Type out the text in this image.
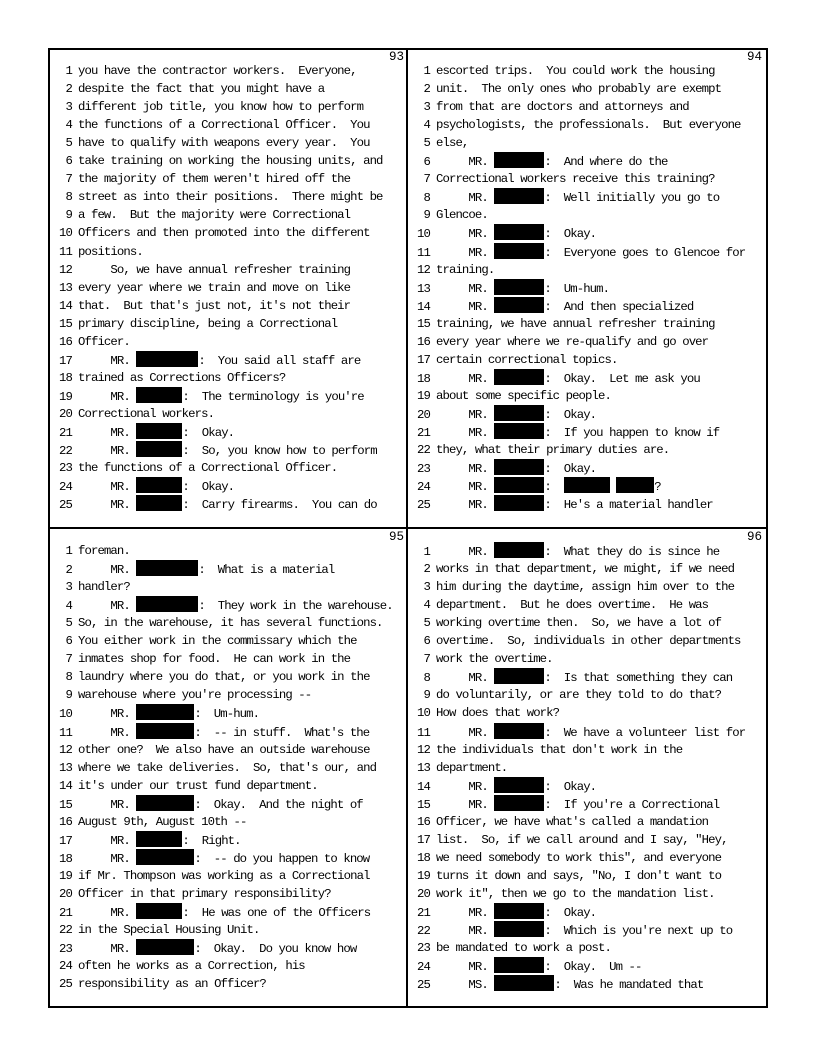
93
1 you have the contractor workers.  Everyone,
2 despite the fact that you might have a
3 different job title, you know how to perform
4 the functions of a Correctional Officer.  You
5 have to qualify with weapons every year.  You
6 take training on working the housing units, and
7 the majority of them weren't hired off the
8 street as into their positions.  There might be
9 a few.  But the majority were Correctional
10 Officers and then promoted into the different
11 positions.
12     So, we have annual refresher training
13 every year where we train and move on like
14 that.  But that's just not, it's not their
15 primary discipline, being a Correctional
16 Officer.
17     MR.	:  You said all staff are
18 trained as Corrections Officers?
19     MR.	:  The terminology is you're
20 Correctional workers.
21     MR.	:  Okay.
22     MR.	:  So, you know how to perform
23 the functions of a Correctional Officer.
24     MR.	:  Okay.
25     MR.	:  Carry firearms.  You can do
94
1 escorted trips.  You could work the housing
2 unit.  The only ones who probably are exempt
3 from that are doctors and attorneys and
4 psychologists, the professionals.  But everyone
5 else,
6     MR.	:  And where do the
7 Correctional workers receive this training?
8     MR.	:  Well initially you go to
9 Glencoe.
10     MR.	:  Okay.
11     MR.	:  Everyone goes to Glencoe for
12 training.
13     MR.	:  Um-hum.
14     MR.	:  And then specialized
15 training, we have annual refresher training
16 every year where we re-qualify and go over
17 certain correctional topics.
18     MR.	:  Okay.  Let me ask you
19 about some specific people.
20     MR.	:  Okay.
21     MR.	:  If you happen to know if
22 they, what their primary duties are.
23     MR.	:  Okay.
24     MR.	:	?
25     MR.	:  He's a material handler
95
1 foreman.
2     MR.	:  What is a material
3 handler?
4     MR.	:  They work in the warehouse.
5 So, in the warehouse, it has several functions.
6 You either work in the commissary which the
7 inmates shop for food.  He can work in the
8 laundry where you do that, or you work in the
9 warehouse where you're processing --
10     MR.	:  Um-hum.
11     MR.	:  -- in stuff.  What's the
12 other one?  We also have an outside warehouse
13 where we take deliveries.  So, that's our, and
14 it's under our trust fund department.
15     MR.	:  Okay.  And the night of
16 August 9th, August 10th --
17     MR.	:  Right.
18     MR.	:  -- do you happen to know
19 if Mr. Thompson was working as a Correctional
20 Officer in that primary responsibility?
21     MR.	:  He was one of the Officers
22 in the Special Housing Unit.
23     MR.	:  Okay.  Do you know how
24 often he works as a Correction, his
25 responsibility as an Officer?
96
1     MR.	:  What they do is since he
2 works in that department, we might, if we need
3 him during the daytime, assign him over to the
4 department.  But he does overtime.  He was
5 working overtime then.  So, we have a lot of
6 overtime.  So, individuals in other departments
7 work the overtime.
8     MR.	:  Is that something they can
9 do voluntarily, or are they told to do that?
10 How does that work?
11     MR.	:  We have a volunteer list for
12 the individuals that don't work in the
13 department.
14     MR.	:  Okay.
15     MR.	:  If you're a Correctional
16 Officer, we have what's called a mandation
17 list.  So, if we call around and I say, "Hey,
18 we need somebody to work this", and everyone
19 turns it down and says, "No, I don't want to
20 work it", then we go to the mandation list.
21     MR.	:  Okay.
22     MR.	:  Which is you're next up to
23 be mandated to work a post.
24     MR.	:  Okay.  Um --
25     MS.	:  Was he mandated that
